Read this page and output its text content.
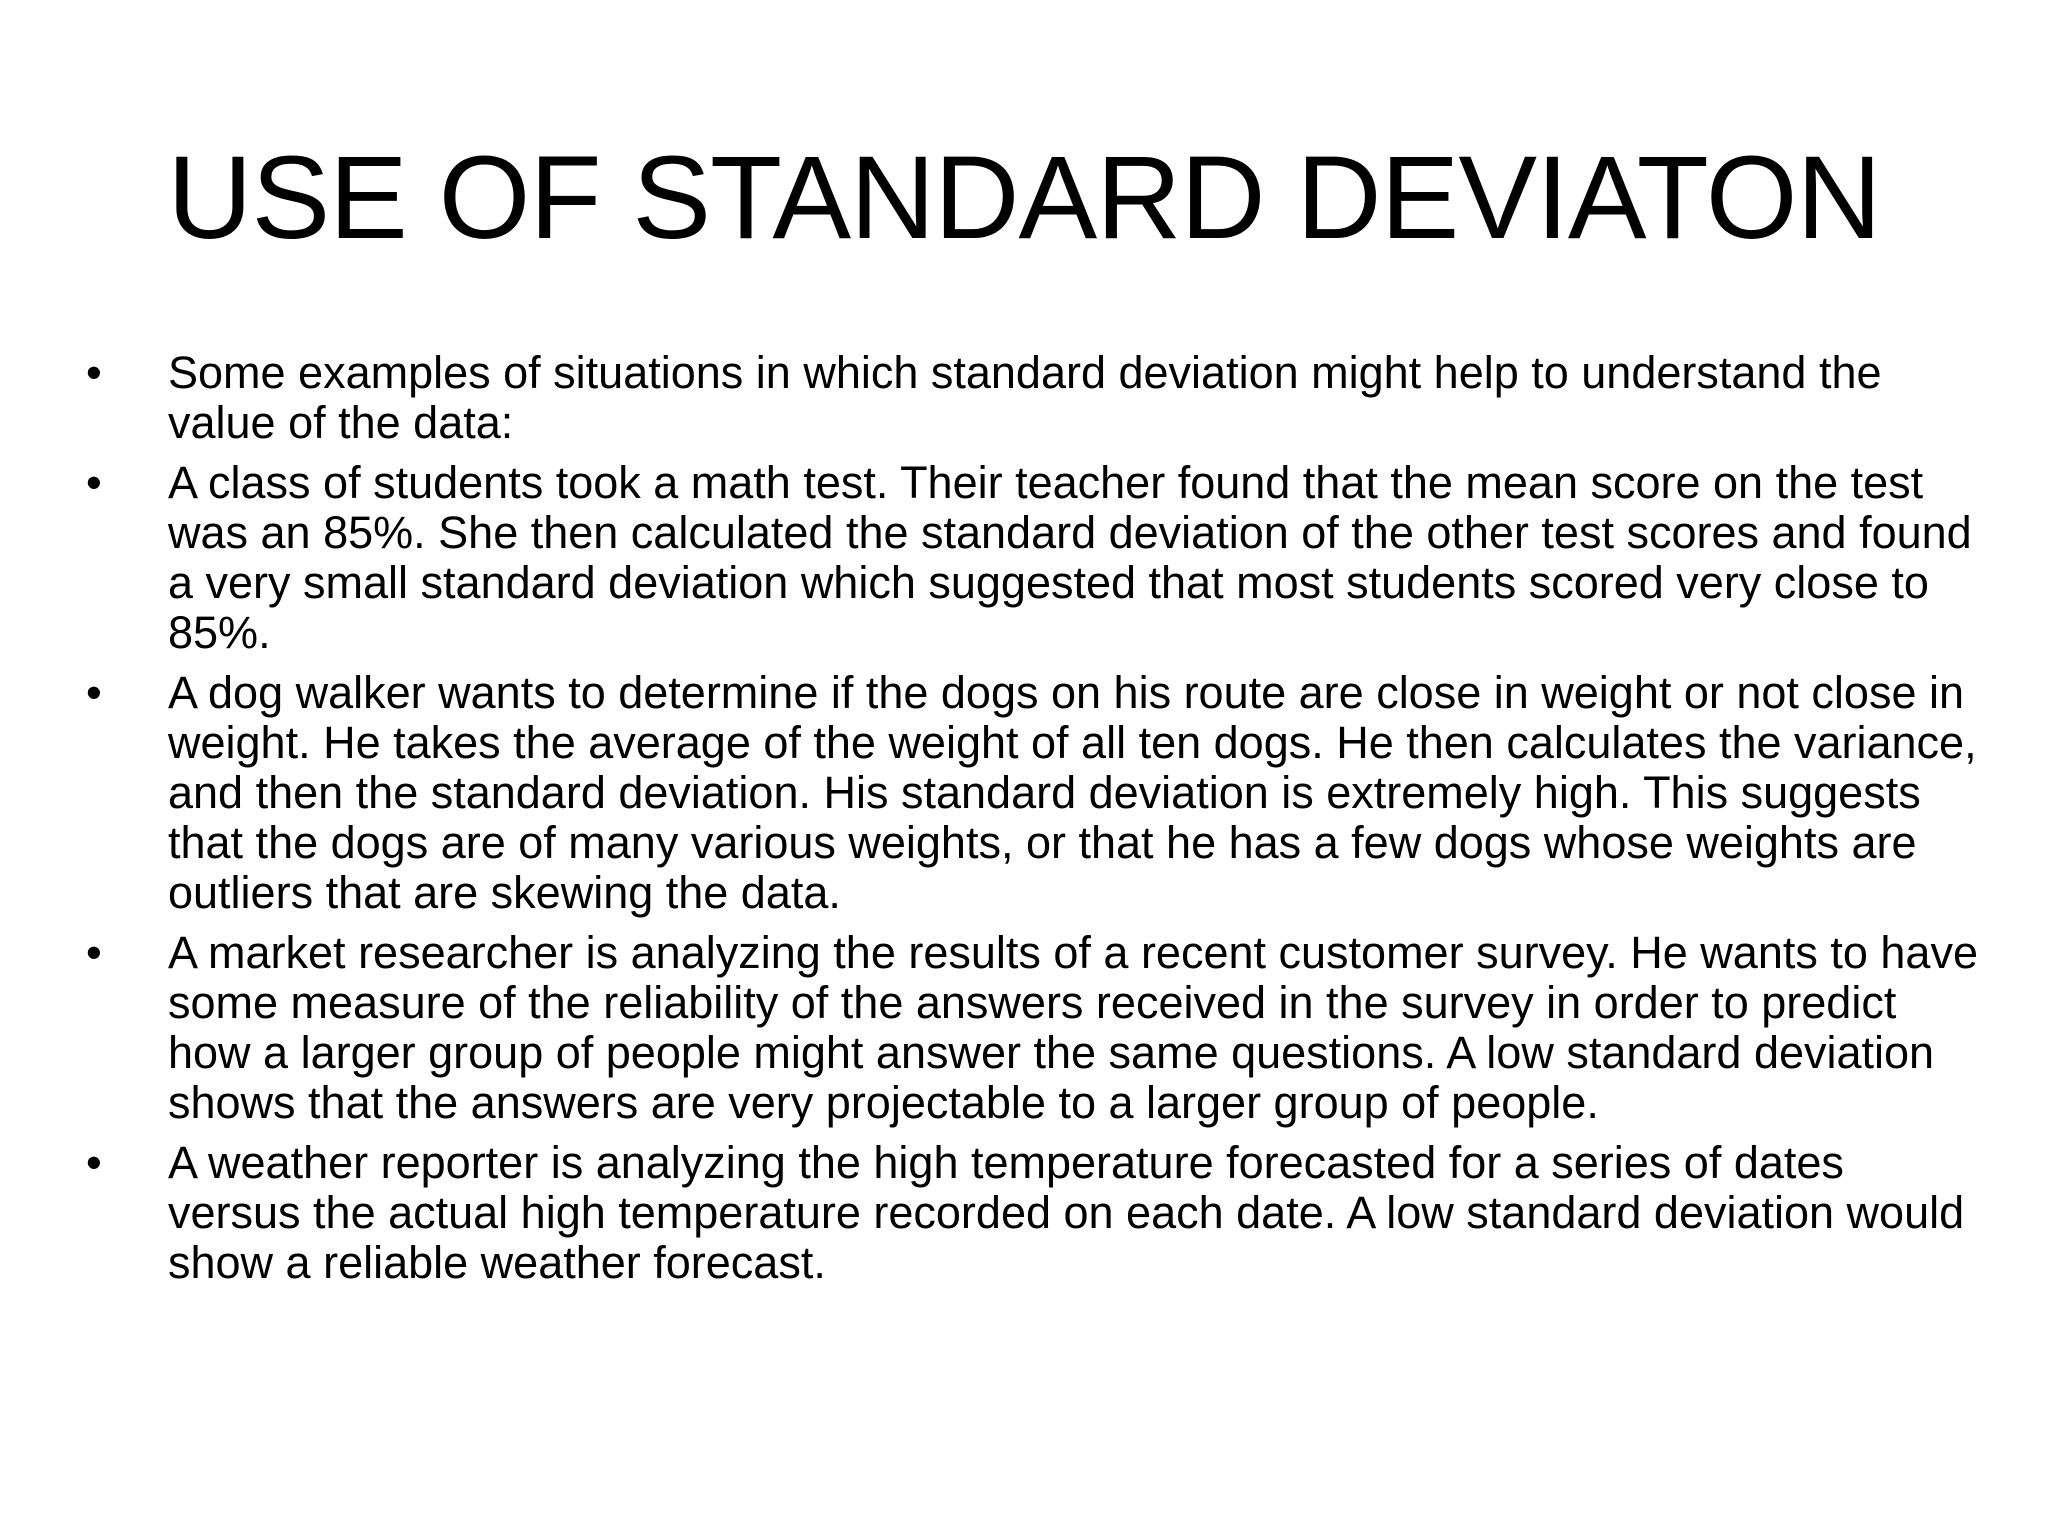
USE OF STANDARD DEVIATON
•	Some examples of situations in which standard deviation might help to understand the value of the data:
•	A class of students took a math test. Their teacher found that the mean score on the test was an 85%. She then calculated the standard deviation of the other test scores and found a very small standard deviation which suggested that most students scored very close to 85%.
•	A dog walker wants to determine if the dogs on his route are close in weight or not close in weight. He takes the average of the weight of all ten dogs. He then calculates the variance, and then the standard deviation. His standard deviation is extremely high. This suggests that the dogs are of many various weights, or that he has a few dogs whose weights are outliers that are skewing the data.
•	A market researcher is analyzing the results of a recent customer survey. He wants to have some measure of the reliability of the answers received in the survey in order to predict how a larger group of people might answer the same questions. A low standard deviation shows that the answers are very projectable to a larger group of people.
•	A weather reporter is analyzing the high temperature forecasted for a series of dates versus the actual high temperature recorded on each date. A low standard deviation would show a reliable weather forecast.
